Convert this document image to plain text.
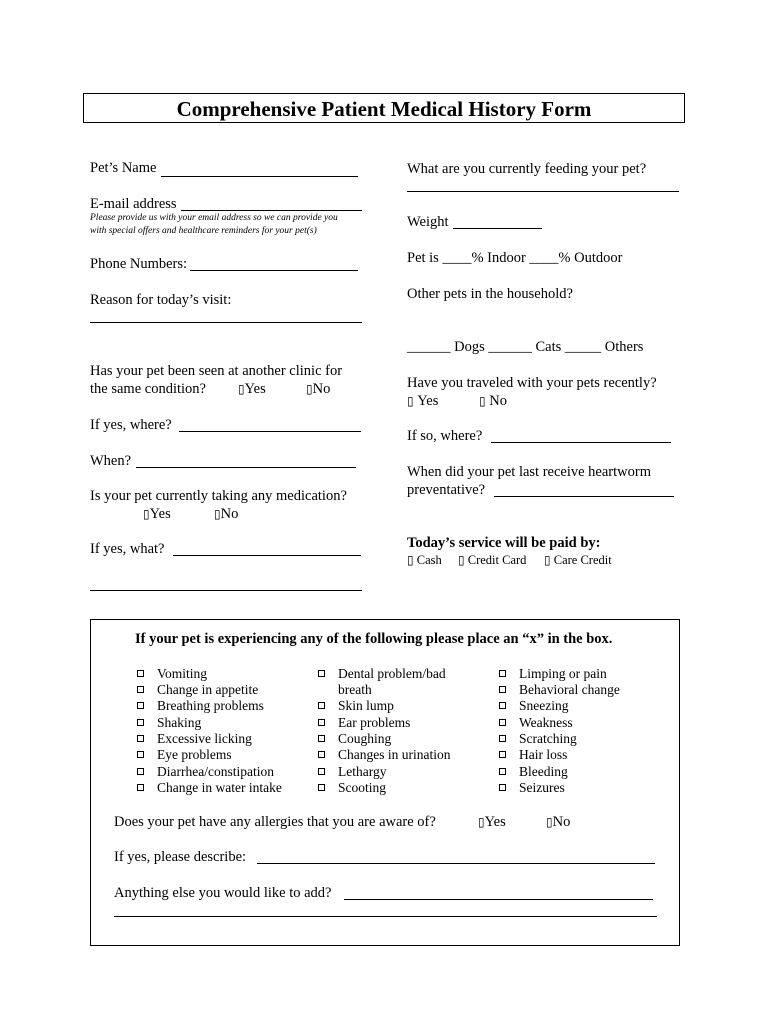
Comprehensive Patient Medical History Form
Pet’s Name
E-mail address
Please provide us with your email address so we can provide you
with special offers and healthcare reminders for your pet(s)
Phone Numbers:
Reason for today’s visit:
Has your pet been seen at another clinic for
the same condition?	▯Yes	▯No
If yes, where?
When?
Is your pet currently taking any medication?
▯Yes	▯No
If yes, what?
What are you currently feeding your pet?
Weight
Pet is ____% Indoor ____% Outdoor
Other pets in the household?
______ Dogs ______ Cats _____ Others
Have you traveled with your pets recently?
▯ Yes	▯ No
If so, where?
When did your pet last receive heartworm
preventative?
Today’s service will be paid by:
▯ Cash ▯ Credit Card ▯ Care Credit
If your pet is experiencing any of the following please place an “x” in the box.
Vomiting
Change in appetite
Breathing problems
Shaking
Excessive licking
Eye problems
Diarrhea/constipation
Change in water intake
Dental problem/bad
breath
Skin lump
Ear problems
Coughing
Changes in urination
Lethargy
Scooting
Limping or pain
Behavioral change
Sneezing
Weakness
Scratching
Hair loss
Bleeding
Seizures
Does your pet have any allergies that you are aware of?	▯Yes	▯No
If yes, please describe:
Anything else you would like to add?
